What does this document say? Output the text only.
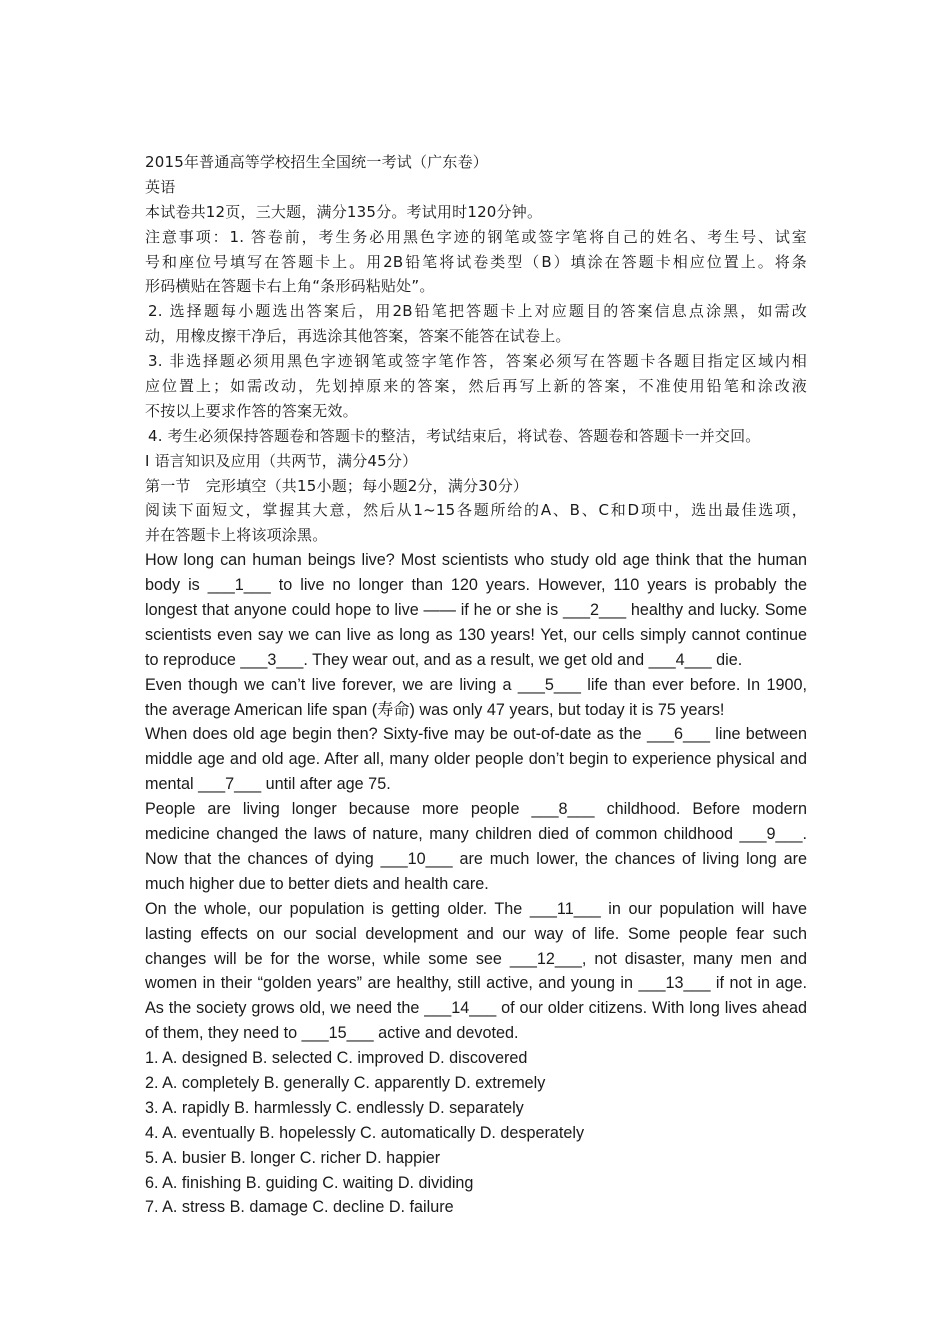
2015年普通高等学校招生全国统一考试（广东卷）
英语
本试卷共12页，三大题，满分135分。考试用时120分钟。
注意事项：1. 答卷前，考生务必用黑色字迹的钢笔或签字笔将自己的姓名、考生号、试室
号和座位号填写在答题卡上。用2B铅笔将试卷类型（B）填涂在答题卡相应位置上。将条
形码横贴在答题卡右上角“条形码粘贴处”。
2. 选择题每小题选出答案后，用2B铅笔把答题卡上对应题目的答案信息点涂黑，如需改
动，用橡皮擦干净后，再选涂其他答案，答案不能答在试卷上。
3. 非选择题必须用黑色字迹钢笔或签字笔作答，答案必须写在答题卡各题目指定区域内相
应位置上；如需改动，先划掉原来的答案，然后再写上新的答案，不准使用铅笔和涂改液
不按以上要求作答的答案无效。
4. 考生必须保持答题卷和答题卡的整洁，考试结束后，将试卷、答题卷和答题卡一并交回。
I 语言知识及应用（共两节，满分45分）
第一节　完形填空（共15小题；每小题2分，满分30分）
阅读下面短文，掌握其大意，然后从1~15各题所给的A、B、C和D项中，选出最佳选项，
并在答题卡上将该项涂黑。
How long can human beings live? Most scientists who study old age think that the human
body is ___1___ to live no longer than 120 years. However, 110 years is probably the
longest that anyone could hope to live —— if he or she is ___2___ healthy and lucky. Some
scientists even say we can live as long as 130 years! Yet, our cells simply cannot continue
to reproduce ___3___. They wear out, and as a result, we get old and ___4___ die.
Even though we can’t live forever, we are living a ___5___ life than ever before. In 1900,
the average American life span (寿命) was only 47 years, but today it is 75 years!
When does old age begin then? Sixty-five may be out-of-date as the ___6___ line between
middle age and old age. After all, many older people don’t begin to experience physical and
mental ___7___ until after age 75.
People are living longer because more people ___8___ childhood. Before modern
medicine changed the laws of nature, many children died of common childhood ___9___.
Now that the chances of dying ___10___ are much lower, the chances of living long are
much higher due to better diets and health care.
On the whole, our population is getting older. The ___11___ in our population will have
lasting effects on our social development and our way of life. Some people fear such
changes will be for the worse, while some see ___12___, not disaster, many men and
women in their “golden years” are healthy, still active, and young in ___13___ if not in age.
As the society grows old, we need the ___14___ of our older citizens. With long lives ahead
of them, they need to ___15___ active and devoted.
1. A. designed B. selected C. improved D. discovered
2. A. completely B. generally C. apparently D. extremely
3. A. rapidly B. harmlessly C. endlessly D. separately
4. A. eventually B. hopelessly C. automatically D. desperately
5. A. busier B. longer C. richer D. happier
6. A. finishing B. guiding C. waiting D. dividing
7. A. stress B. damage C. decline D. failure
